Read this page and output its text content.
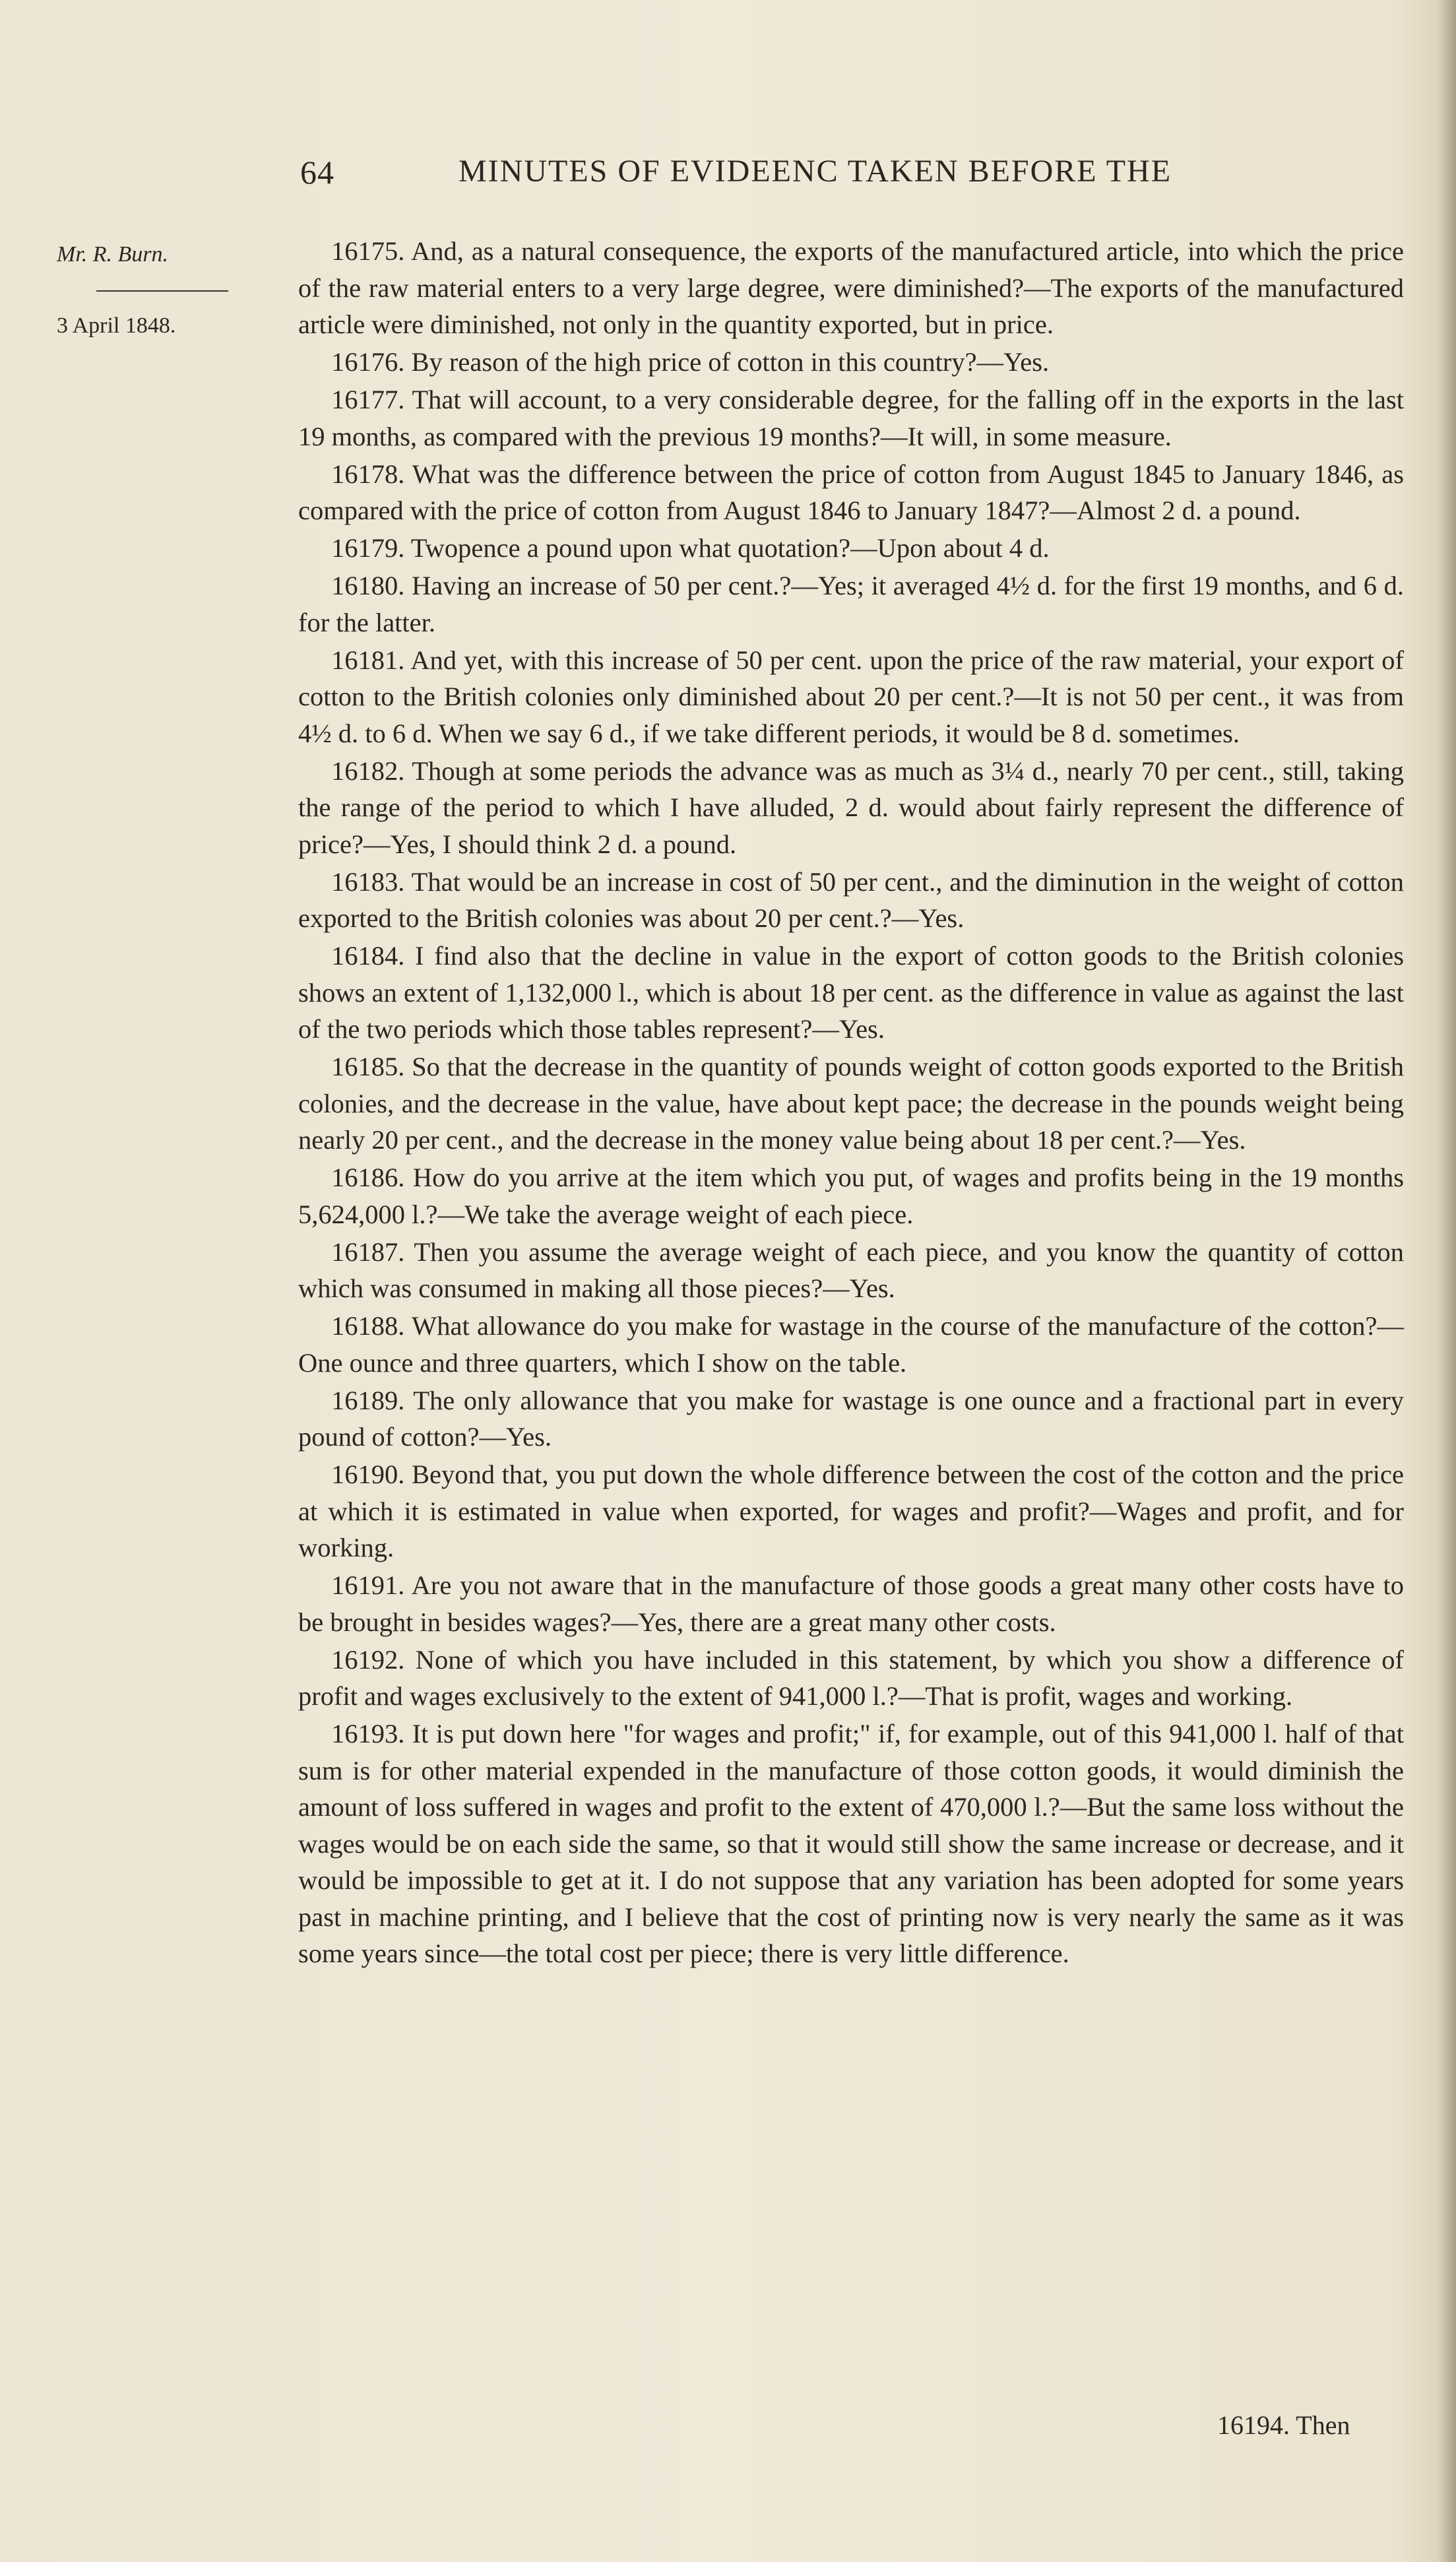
64	MINUTES OF EVIDEENC TAKEN BEFORE THE
Mr. R. Burn.
3 April 1848.

16175. And, as a natural consequence, the exports of the manufactured article, into which the price of the raw material enters to a very large degree, were diminished?—The exports of the manufactured article were diminished, not only in the quantity exported, but in price.

16176. By reason of the high price of cotton in this country?—Yes.

16177. That will account, to a very considerable degree, for the falling off in the exports in the last 19 months, as compared with the previous 19 months?—It will, in some measure.

16178. What was the difference between the price of cotton from August 1845 to January 1846, as compared with the price of cotton from August 1846 to January 1847?—Almost 2 d. a pound.

16179. Twopence a pound upon what quotation?—Upon about 4 d.

16180. Having an increase of 50 per cent.?—Yes; it averaged 4½ d. for the first 19 months, and 6 d. for the latter.

16181. And yet, with this increase of 50 per cent. upon the price of the raw material, your export of cotton to the British colonies only diminished about 20 per cent.?—It is not 50 per cent., it was from 4½ d. to 6 d. When we say 6 d., if we take different periods, it would be 8 d. sometimes.

16182. Though at some periods the advance was as much as 3¼ d., nearly 70 per cent., still, taking the range of the period to which I have alluded, 2 d. would about fairly represent the difference of price?—Yes, I should think 2 d. a pound.

16183. That would be an increase in cost of 50 per cent., and the diminution in the weight of cotton exported to the British colonies was about 20 per cent.?—Yes.

16184. I find also that the decline in value in the export of cotton goods to the British colonies shows an extent of 1,132,000 l., which is about 18 per cent. as the difference in value as against the last of the two periods which those tables represent?—Yes.

16185. So that the decrease in the quantity of pounds weight of cotton goods exported to the British colonies, and the decrease in the value, have about kept pace; the decrease in the pounds weight being nearly 20 per cent., and the decrease in the money value being about 18 per cent.?—Yes.

16186. How do you arrive at the item which you put, of wages and profits being in the 19 months 5,624,000 l.?—We take the average weight of each piece.

16187. Then you assume the average weight of each piece, and you know the quantity of cotton which was consumed in making all those pieces?—Yes.

16188. What allowance do you make for wastage in the course of the manufacture of the cotton?—One ounce and three quarters, which I show on the table.

16189. The only allowance that you make for wastage is one ounce and a fractional part in every pound of cotton?—Yes.

16190. Beyond that, you put down the whole difference between the cost of the cotton and the price at which it is estimated in value when exported, for wages and profit?—Wages and profit, and for working.

16191. Are you not aware that in the manufacture of those goods a great many other costs have to be brought in besides wages?—Yes, there are a great many other costs.

16192. None of which you have included in this statement, by which you show a difference of profit and wages exclusively to the extent of 941,000 l.?—That is profit, wages and working.

16193. It is put down here "for wages and profit;" if, for example, out of this 941,000 l. half of that sum is for other material expended in the manufacture of those cotton goods, it would diminish the amount of loss suffered in wages and profit to the extent of 470,000 l.?—But the same loss without the wages would be on each side the same, so that it would still show the same increase or decrease, and it would be impossible to get at it. I do not suppose that any variation has been adopted for some years past in machine printing, and I believe that the cost of printing now is very nearly the same as it was some years since—the total cost per piece; there is very little difference.

16194. Then
